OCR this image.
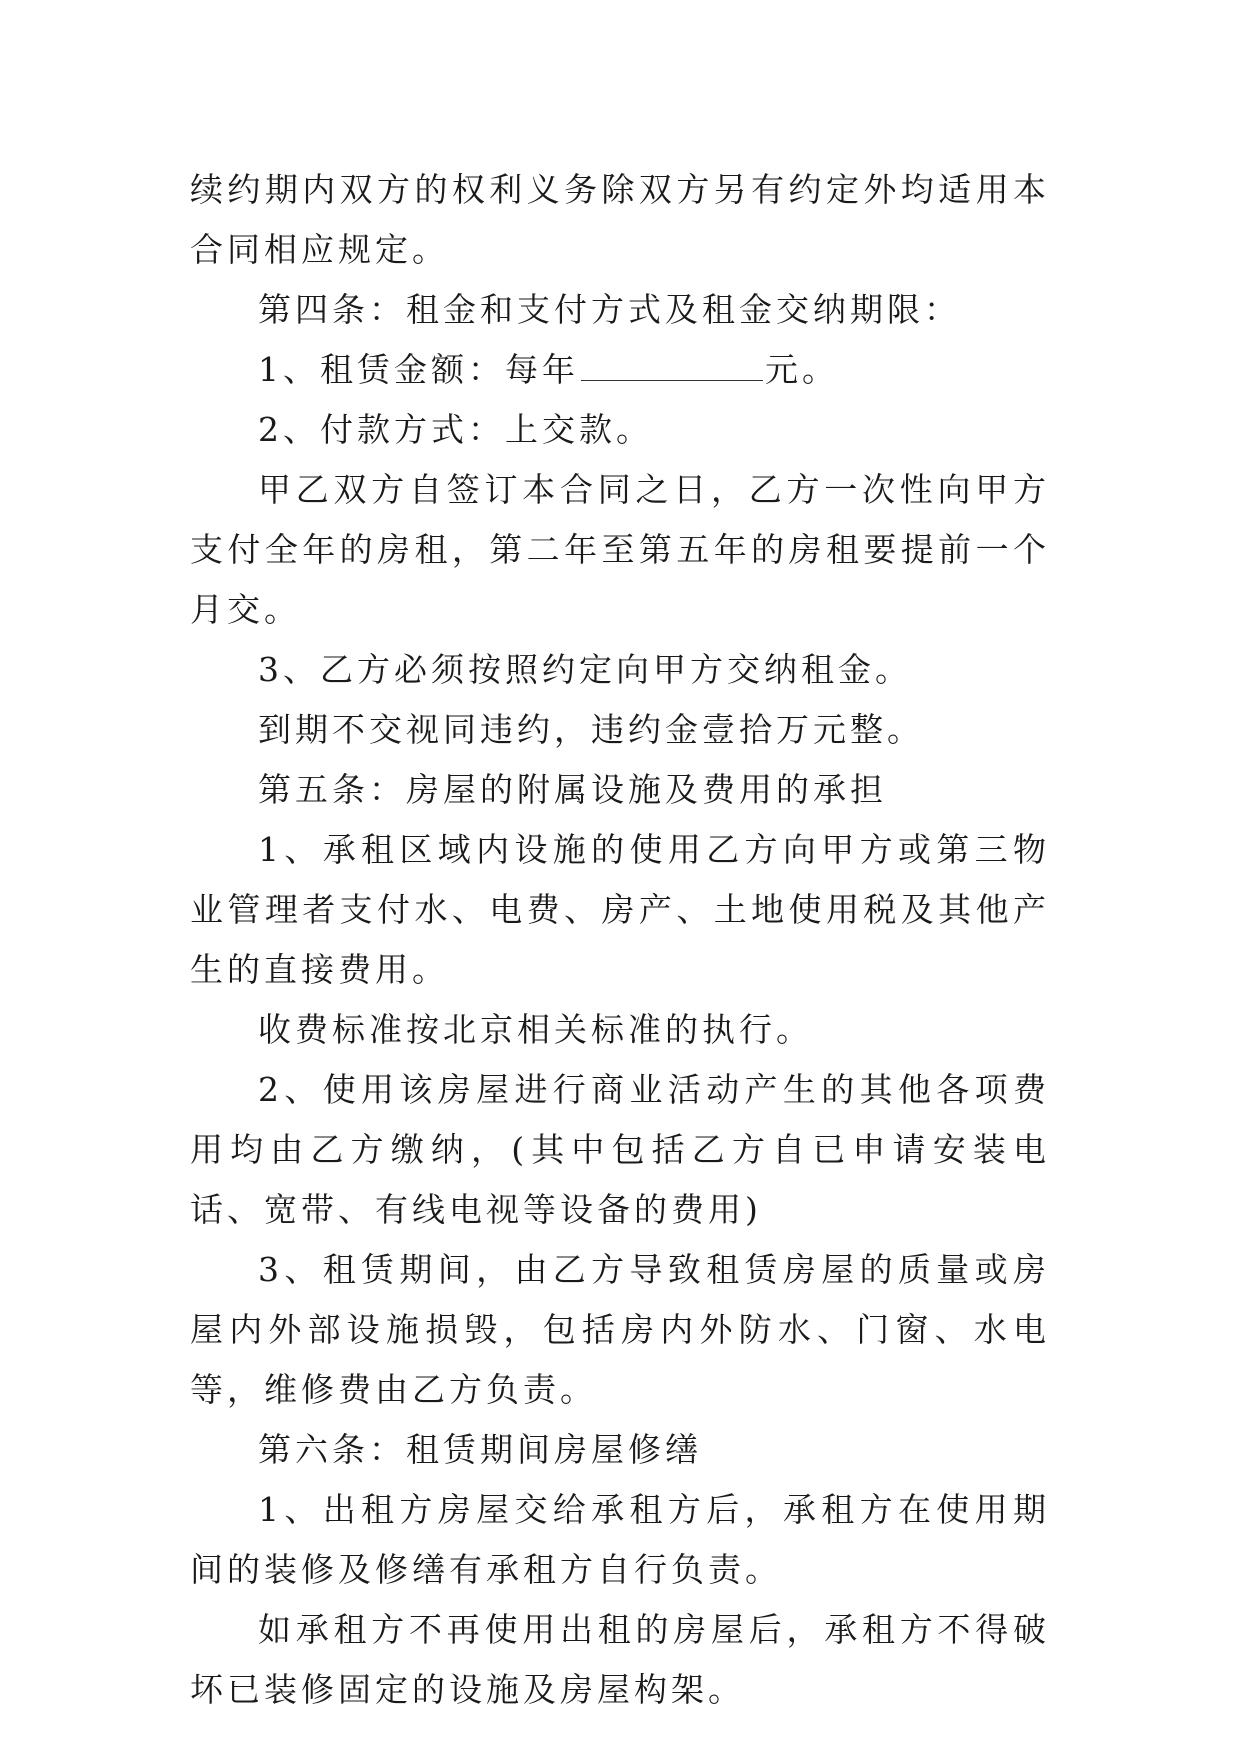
续约期内双方的权利义务除双方另有约定外均适用本合同相应规定。

第四条：租金和支付方式及租金交纳期限：

1、租赁金额：每年	元。

2、付款方式：上交款。

甲乙双方自签订本合同之日，乙方一次性向甲方支付全年的房租，第二年至第五年的房租要提前一个月交。

3、乙方必须按照约定向甲方交纳租金。

到期不交视同违约，违约金壹拾万元整。

第五条：房屋的附属设施及费用的承担

1、承租区域内设施的使用乙方向甲方或第三物业管理者支付水、电费、房产、土地使用税及其他产生的直接费用。

收费标准按北京相关标准的执行。

2、使用该房屋进行商业活动产生的其他各项费用均由乙方缴纳，(其中包括乙方自已申请安装电话、宽带、有线电视等设备的费用)

3、租赁期间，由乙方导致租赁房屋的质量或房屋内外部设施损毁，包括房内外防水、门窗、水电等，维修费由乙方负责。

第六条：租赁期间房屋修缮

1、出租方房屋交给承租方后，承租方在使用期间的装修及修缮有承租方自行负责。

如承租方不再使用出租的房屋后，承租方不得破坏已装修固定的设施及房屋构架。
